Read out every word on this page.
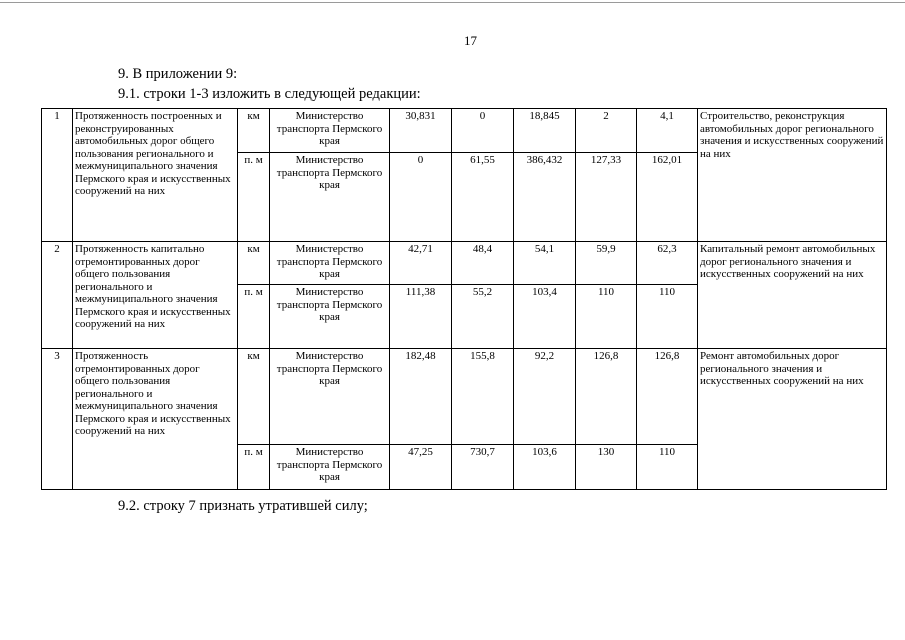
17
9. В приложении 9:
9.1. строки 1-3 изложить в следующей редакции:
1	Протяженность построенных и реконструированных автомобильных дорог общего пользования регионального и межмуниципального значения Пермского края и искусственных сооружений на них	км	Министерство транспорта Пермского края	30,831	0	18,845	2	4,1	Строительство, реконструкция автомобильных дорог регионального значения и искусственных сооружений на них
		п. м	Министерство транспорта Пермского края	0	61,55	386,432	127,33	162,01	
2	Протяженность капитально отремонтированных дорог общего пользования регионального и межмуниципального значения Пермского края и искусственных сооружений на них	км	Министерство транспорта Пермского края	42,71	48,4	54,1	59,9	62,3	Капитальный ремонт автомобильных дорог регионального значения и искусственных сооружений на них
		п. м	Министерство транспорта Пермского края	111,38	55,2	103,4	110	110	
3	Протяженность отремонтированных дорог общего пользования регионального и межмуниципального значения Пермского края и искусственных сооружений на них	км	Министерство транспорта Пермского края	182,48	155,8	92,2	126,8	126,8	Ремонт автомобильных дорог регионального значения и искусственных сооружений на них
		п. м	Министерство транспорта Пермского края	47,25	730,7	103,6	130	110	
9.2. строку 7 признать утратившей силу;
